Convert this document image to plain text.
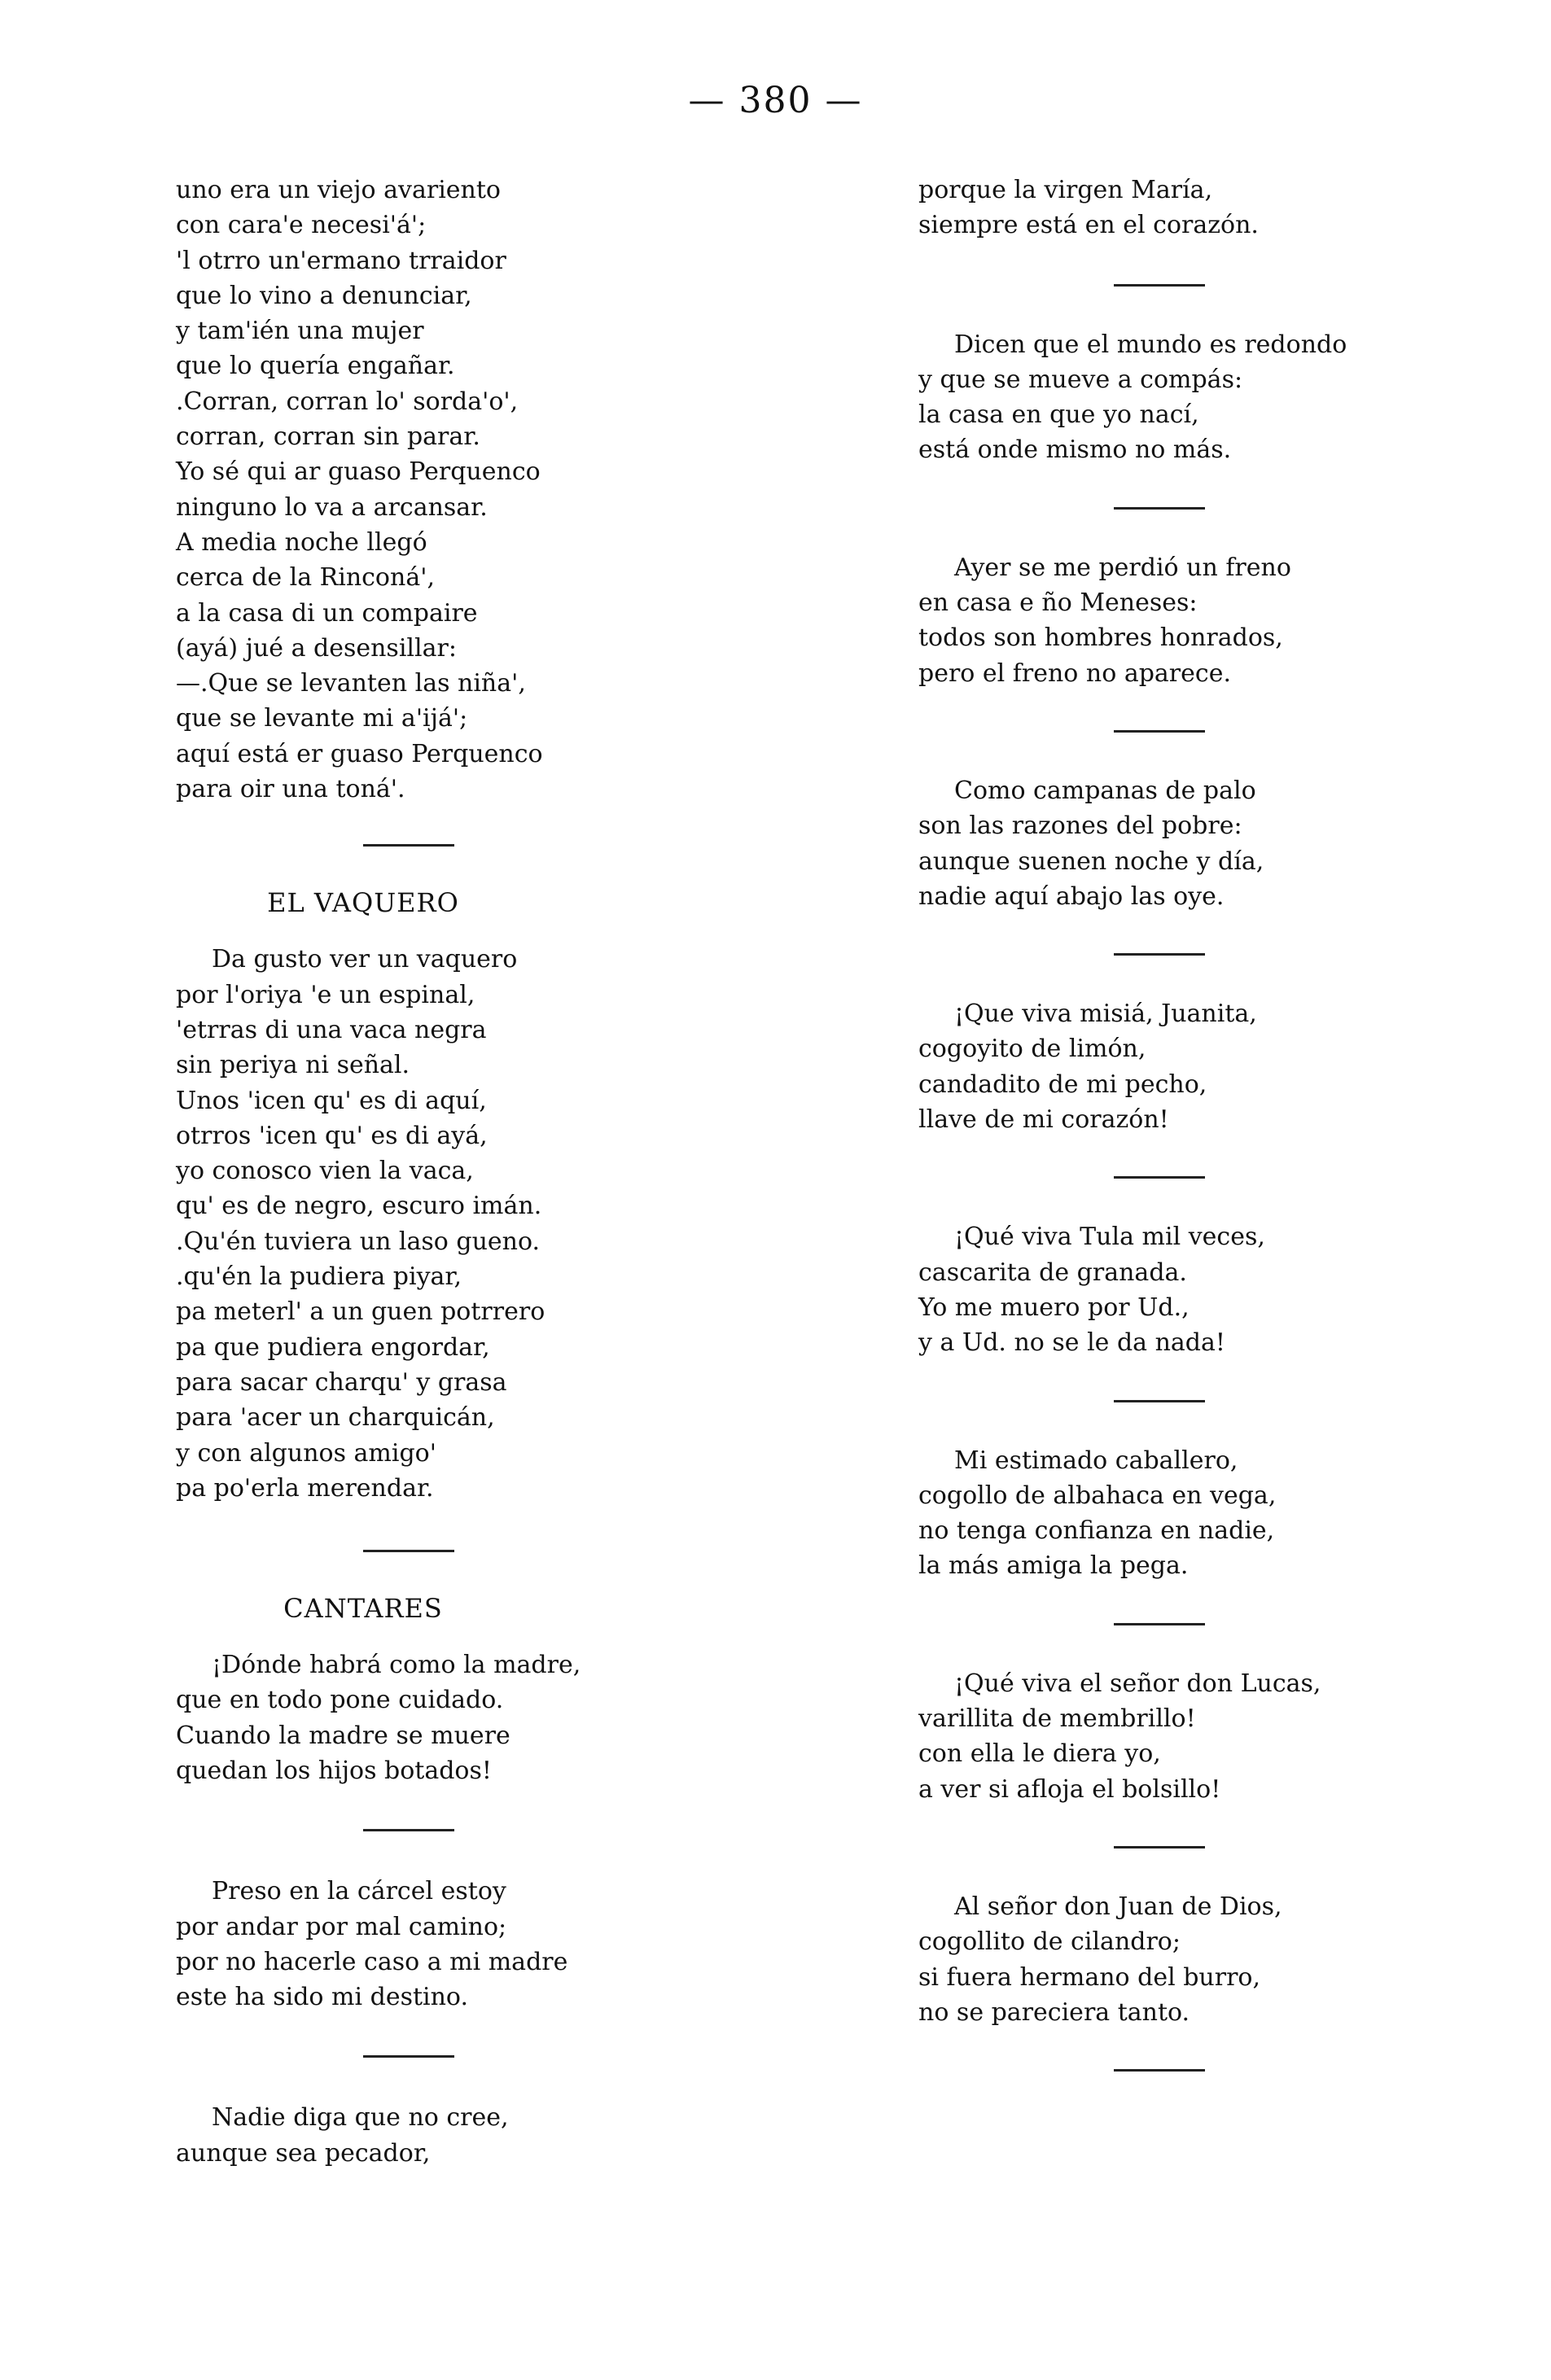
— 380 —
uno era un viejo avariento
con cara'e necesi'á';
'l otrro un'ermano trraidor
que lo vino a denunciar,
y tam'ién una mujer
que lo quería engañar.
.Corran, corran lo' sorda'o',
corran, corran sin parar.
Yo sé qui ar guaso Perquenco
ninguno lo va a arcansar.
A media noche llegó
cerca de la Rinconá',
a la casa di un compaire
(ayá) jué a desensillar:
—.Que se levanten las niña',
que se levante mi a'ijá';
aquí está er guaso Perquenco
para oir una toná'.
EL VAQUERO
Da gusto ver un vaquero
por l'oriya 'e un espinal,
'etrras di una vaca negra
sin periya ni señal.
Unos 'icen qu' es di aquí,
otrros 'icen qu' es di ayá,
yo conosco vien la vaca,
qu' es de negro, escuro imán.
.Qu'én tuviera un laso gueno.
.qu'én la pudiera piyar,
pa meterl' a un guen potrrero
pa que pudiera engordar,
para sacar charqu' y grasa
para 'acer un charquicán,
y con algunos amigo'
pa po'erla merendar.
CANTARES
¡Dónde habrá como la madre,
que en todo pone cuidado.
Cuando la madre se muere
quedan los hijos botados!
Preso en la cárcel estoy
por andar por mal camino;
por no hacerle caso a mi madre
este ha sido mi destino.
Nadie diga que no cree,
aunque sea pecador,
porque la virgen María,
siempre está en el corazón.
Dicen que el mundo es redondo
y que se mueve a compás:
la casa en que yo nací,
está onde mismo no más.
Ayer se me perdió un freno
en casa e ño Meneses:
todos son hombres honrados,
pero el freno no aparece.
Como campanas de palo
son las razones del pobre:
aunque suenen noche y día,
nadie aquí abajo las oye.
¡Que viva misiá, Juanita,
cogoyito de limón,
candadito de mi pecho,
llave de mi corazón!
¡Qué viva Tula mil veces,
cascarita de granada.
Yo me muero por Ud.,
y a Ud. no se le da nada!
Mi estimado caballero,
cogollo de albahaca en vega,
no tenga confianza en nadie,
la más amiga la pega.
¡Qué viva el señor don Lucas,
varillita de membrillo!
con ella le diera yo,
a ver si afloja el bolsillo!
Al señor don Juan de Dios,
cogollito de cilandro;
si fuera hermano del burro,
no se pareciera tanto.
